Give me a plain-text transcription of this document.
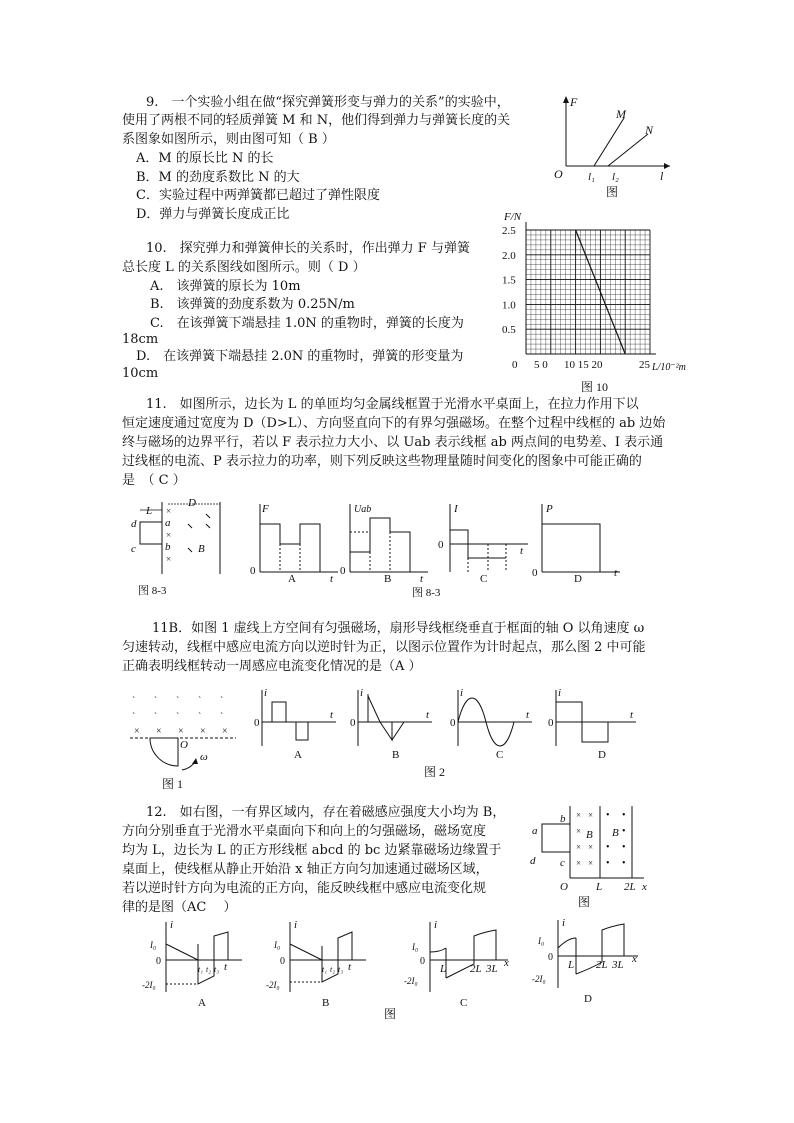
9.　一个实验小组在做“探究弹簧形变与弹力的关系”的实验中，
使用了两根不同的轻质弹簧 M 和 N，他们得到弹力与弹簧长度的关
系图象如图所示，则由图可知（ B ）
A．M 的原长比 N 的长
B．M 的劲度系数比 N 的大
C．实验过程中两弹簧都已超过了弹性限度
D．弹力与弹簧长度成正比
F
M
N
O l₁ l₂	l
图
10.　探究弹力和弹簧伸长的关系时，作出弹力 F 与弹簧
总长度 L 的关系图线如图所示。则（ D ）
A.　该弹簧的原长为 10m
B.　该弹簧的劲度系数为 0.25N/m
C.　在该弹簧下端悬挂 1.0N 的重物时，弹簧的长度为
18cm
D.　在该弹簧下端悬挂 2.0N 的重物时，弹簧的形变量为
10cm
0.5
1.0
1.5
2.0
2.5
F/N
L/10⁻²m
0 5 0 10 15 20	25
图 10
11.　如图所示，边长为 L 的单匝均匀金属线框置于光滑水平桌面上，在拉力作用下以
恒定速度通过宽度为 D（D>L）、方向竖直向下的有界匀强磁场。在整个过程中线框的 ab 边始
终与磁场的边界平行，若以 F 表示拉力大小、以 Uab 表示线框 ab 两点间的电势差、I 表示通
过线框的电流、P 表示拉力的功率，则下列反映这些物理量随时间变化的图象中可能正确的
是　（ C ）
L
D
d
c
a
b
×
×
×
B
图 8-3
F
t
0
A
Uab
t
0
B
I
t
0
C
P
t
0	D
图 8-3
11B．如图 1 虚线上方空间有匀强磁场，扇形导线框绕垂直于框面的轴 O 以角速度 ω
匀速转动，线框中感应电流方向以逆时针为正，以图示位置作为计时起点，那么图 2 中可能
正确表明线框转动一周感应电流变化情况的是（A ）
ˋ ˋ ˋ ˋ ˋ
ˋ ˋ ˋ ˋ ˋ
× × × × ×
O
ω
图 1
i
t
0
A
i
t
0
B
i
t
0
C
i
t
0
D
图 2
12.　如右图，一有界区域内，存在着磁感应强度大小均为 B，
方向分别垂直于光滑水平桌面向下和向上的匀强磁场，磁场宽度
均为 L，边长为 L 的正方形线框 abcd 的 bc 边紧靠磁场边缘置于
桌面上，使线框从静止开始沿 x 轴正方向匀加速通过磁场区域，
若以逆时针方向为电流的正方向，能反映线框中感应电流变化规
律的是图（AC　 ）
a
b
c
d
× ×
×
× ×
× ×
• •
•
• •
• •
B B
O	L 2L x
图
i
I₀
0
-2I₀
t₁ t₂ t₃ t
A
i
I₀
0
-2I₀
t₁ t₂ t₃ t
B
i
I₀
0
-2I₀
L 2L 3L x
C
i
I₀
0
-2I₀
L 2L 3L x
D
图
